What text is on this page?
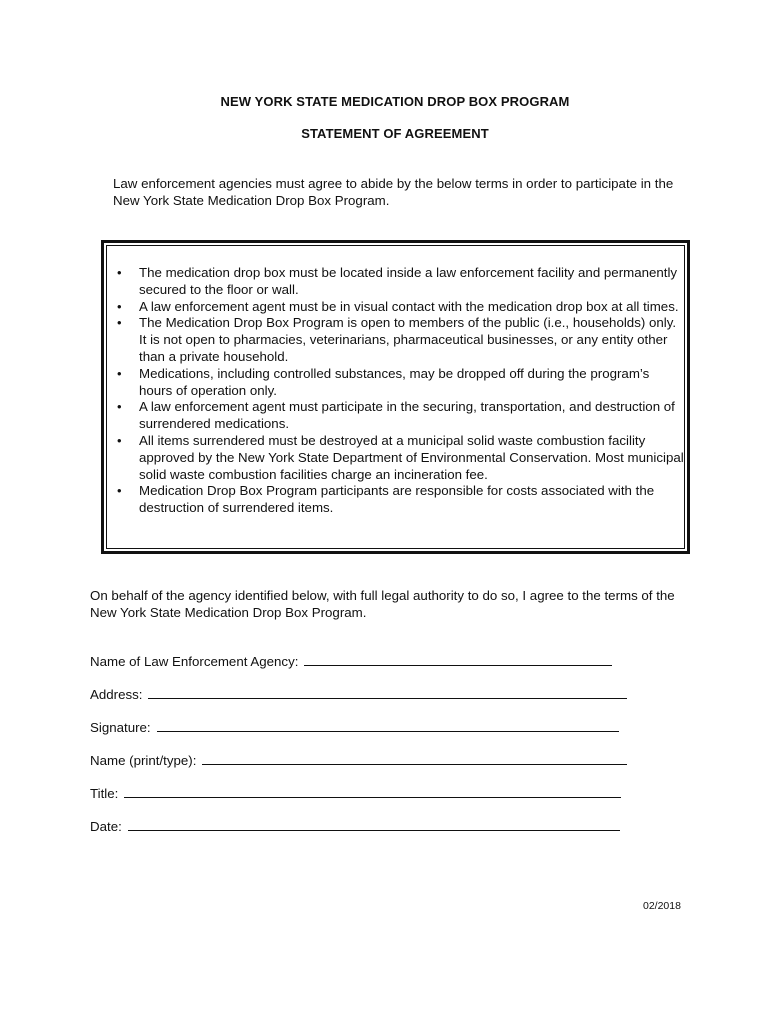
NEW YORK STATE MEDICATION DROP BOX PROGRAM
STATEMENT OF AGREEMENT
Law enforcement agencies must agree to abide by the below terms in order to participate in the New York State Medication Drop Box Program.
• The medication drop box must be located inside a law enforcement facility and permanently secured to the floor or wall.
• A law enforcement agent must be in visual contact with the medication drop box at all times.
• The Medication Drop Box Program is open to members of the public (i.e., households) only. It is not open to pharmacies, veterinarians, pharmaceutical businesses, or any entity other than a private household.
• Medications, including controlled substances, may be dropped off during the program’s hours of operation only.
• A law enforcement agent must participate in the securing, transportation, and destruction of surrendered medications.
• All items surrendered must be destroyed at a municipal solid waste combustion facility approved by the New York State Department of Environmental Conservation. Most municipal solid waste combustion facilities charge an incineration fee.
• Medication Drop Box Program participants are responsible for costs associated with the destruction of surrendered items.
On behalf of the agency identified below, with full legal authority to do so, I agree to the terms of the New York State Medication Drop Box Program.
Name of Law Enforcement Agency:
Address:
Signature:
Name (print/type):
Title:
Date:
02/2018
